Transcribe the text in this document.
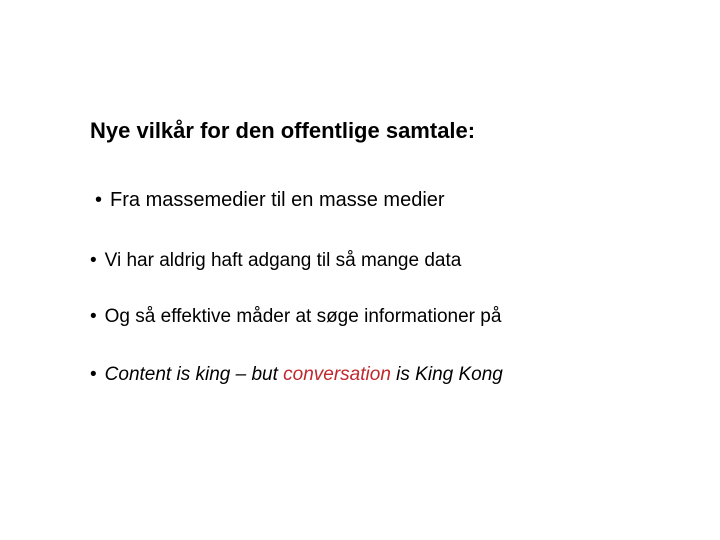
Nye vilkår for den offentlige samtale:
• Fra massemedier til en masse medier
• Vi har aldrig haft adgang til så mange data
• Og så effektive måder at søge informationer på
• Content is king – but conversation is King Kong
